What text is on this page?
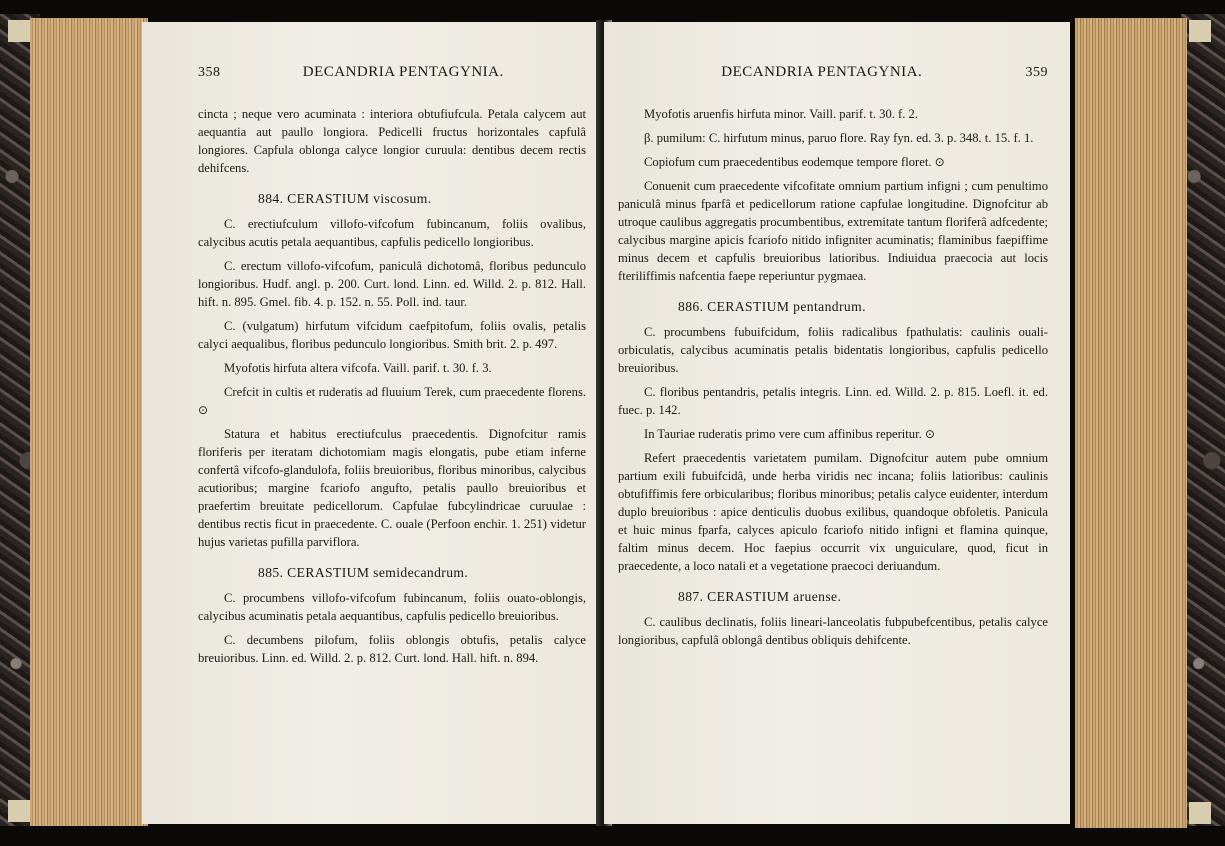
358	DECANDRIA PENTAGYNIA.

cincta ; neque vero acuminata : interiora obtufiufcula. Petala calycem aut aequantia aut paullo longiora. Pedicelli fructus horizontales capfulâ longiores. Capfula oblonga calyce longior curuula: dentibus decem rectis dehifcens.

884. CERASTIUM viscosum.

C. erectiufculum villofo-vifcofum fubincanum, foliis ovalibus, calycibus acutis petala aequantibus, capfulis pedicello longioribus.

C. erectum villofo-vifcofum, paniculâ dichotomâ, floribus pedunculo longioribus. Hudf. angl. p. 200. Curt. lond. Linn. ed. Willd. 2. p. 812. Hall. hift. n. 895. Gmel. fib. 4. p. 152. n. 55. Poll. ind. taur.

C. (vulgatum) hirfutum vifcidum caefpitofum, foliis ovalis, petalis calyci aequalibus, floribus pedunculo longioribus. Smith brit. 2. p. 497.

Myofotis hirfuta altera vifcofa. Vaill. parif. t. 30. f. 3.

Crefcit in cultis et ruderatis ad fluuium Terek, cum praecedente florens. ⊙

Statura et habitus erectiufculus praecedentis. Dignofcitur ramis floriferis per iteratam dichotomiam magis elongatis, pube etiam inferne confertâ vifcofo-glandulofa, foliis breuioribus, floribus minoribus, calycibus acutioribus; margine fcariofo angufto, petalis paullo breuioribus et praefertim breuitate pedicellorum. Capfulae fubcylindricae curuulae : dentibus rectis ficut in praecedente. C. ouale (Perfoon enchir. 1. 251) videtur hujus varietas pufilla parviflora.

885. CERASTIUM semidecandrum.

C. procumbens villofo-vifcofum fubincanum, foliis ouato-oblongis, calycibus acuminatis petala aequantibus, capfulis pedicello breuioribus.

C. decumbens pilofum, foliis oblongis obtufis, petalis calyce breuioribus. Linn. ed. Willd. 2. p. 812. Curt. lond. Hall. hift. n. 894.

DECANDRIA PENTAGYNIA.	359

Myofotis aruenfis hirfuta minor. Vaill. parif. t. 30. f. 2.

β. pumilum: C. hirfutum minus, paruo flore. Ray fyn. ed. 3. p. 348. t. 15. f. 1.

Copiofum cum praecedentibus eodemque tempore floret. ⊙

Conuenit cum praecedente vifcofitate omnium partium infigni ; cum penultimo paniculâ minus fparfâ et pedicellorum ratione capfulae longitudine. Dignofcitur ab utroque caulibus aggregatis procumbentibus, extremitate tantum floriferâ adfcedente; calycibus margine apicis fcariofo nitido infigniter acuminatis; flaminibus faepiffime minus decem et capfulis breuioribus latioribus. Indiuidua praecocia aut locis fteriliffimis nafcentia faepe reperiuntur pygmaea.

886. CERASTIUM pentandrum.

C. procumbens fubuifcidum, foliis radicalibus fpathulatis: caulinis ouali-orbiculatis, calycibus acuminatis petalis bidentatis longioribus, capfulis pedicello breuioribus.

C. floribus pentandris, petalis integris. Linn. ed. Willd. 2. p. 815. Loefl. it. ed. fuec. p. 142.

In Tauriae ruderatis primo vere cum affinibus reperitur. ⊙

Refert praecedentis varietatem pumilam. Dignofcitur autem pube omnium partium exili fubuifcidâ, unde herba viridis nec incana; foliis latioribus: caulinis obtufiffimis fere orbicularibus; floribus minoribus; petalis calyce euidenter, interdum duplo breuioribus : apice denticulis duobus exilibus, quandoque obfoletis. Panicula et huic minus fparfa, calyces apiculo fcariofo nitido infigni et flamina quinque, faltim minus decem. Hoc faepius occurrit vix unguiculare, quod, ficut in praecedente, a loco natali et a vegetatione praecoci deriuandum.

887. CERASTIUM aruense.

C. caulibus declinatis, foliis lineari-lanceolatis fubpubefcentibus, petalis calyce longioribus, capfulâ oblongâ dentibus obliquis dehifcente.
